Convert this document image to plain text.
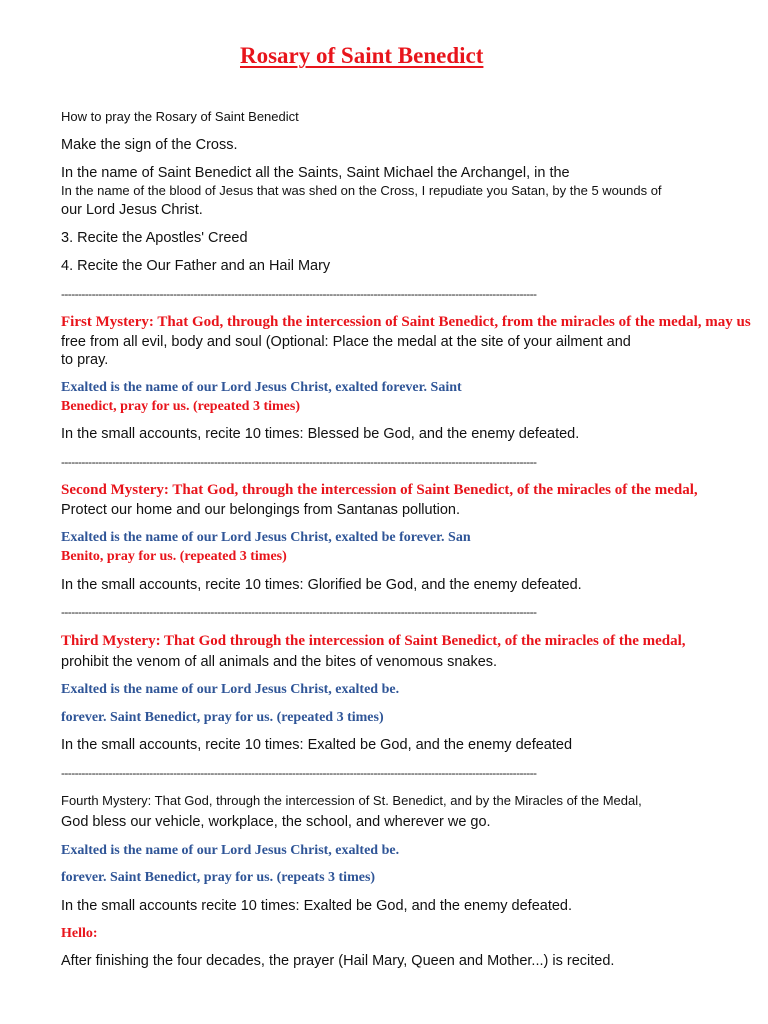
Rosary of Saint Benedict
How to pray the Rosary of Saint Benedict
Make the sign of the Cross.
In the name of Saint Benedict all the Saints, Saint Michael the Archangel, in the
In the name of the blood of Jesus that was shed on the Cross, I repudiate you Satan, by the 5 wounds of
our Lord Jesus Christ.
3. Recite the Apostles' Creed
4. Recite the Our Father and an Hail Mary
--------------------------------------------------------------------------------------------------------------------------------------------
First Mystery: That God, through the intercession of Saint Benedict, from the miracles of the medal, may us
free from all evil, body and soul (Optional: Place the medal at the site of your ailment and
to pray.
Exalted is the name of our Lord Jesus Christ, exalted forever. Saint
Benedict, pray for us. (repeated 3 times)
In the small accounts, recite 10 times: Blessed be God, and the enemy defeated.
--------------------------------------------------------------------------------------------------------------------------------------------
Second Mystery: That God, through the intercession of Saint Benedict, of the miracles of the medal,
Protect our home and our belongings from Santanas pollution.
Exalted is the name of our Lord Jesus Christ, exalted be forever. San
Benito, pray for us. (repeated 3 times)
In the small accounts, recite 10 times: Glorified be God, and the enemy defeated.
--------------------------------------------------------------------------------------------------------------------------------------------
Third Mystery: That God through the intercession of Saint Benedict, of the miracles of the medal,
prohibit the venom of all animals and the bites of venomous snakes.
Exalted is the name of our Lord Jesus Christ, exalted be.
forever. Saint Benedict, pray for us. (repeated 3 times)
In the small accounts, recite 10 times: Exalted be God, and the enemy defeated
--------------------------------------------------------------------------------------------------------------------------------------------
Fourth Mystery: That God, through the intercession of St. Benedict, and by the Miracles of the Medal,
God bless our vehicle, workplace, the school, and wherever we go.
Exalted is the name of our Lord Jesus Christ, exalted be.
forever. Saint Benedict, pray for us. (repeats 3 times)
In the small accounts recite 10 times: Exalted be God, and the enemy defeated.
Hello:
After finishing the four decades, the prayer (Hail Mary, Queen and Mother...) is recited.
